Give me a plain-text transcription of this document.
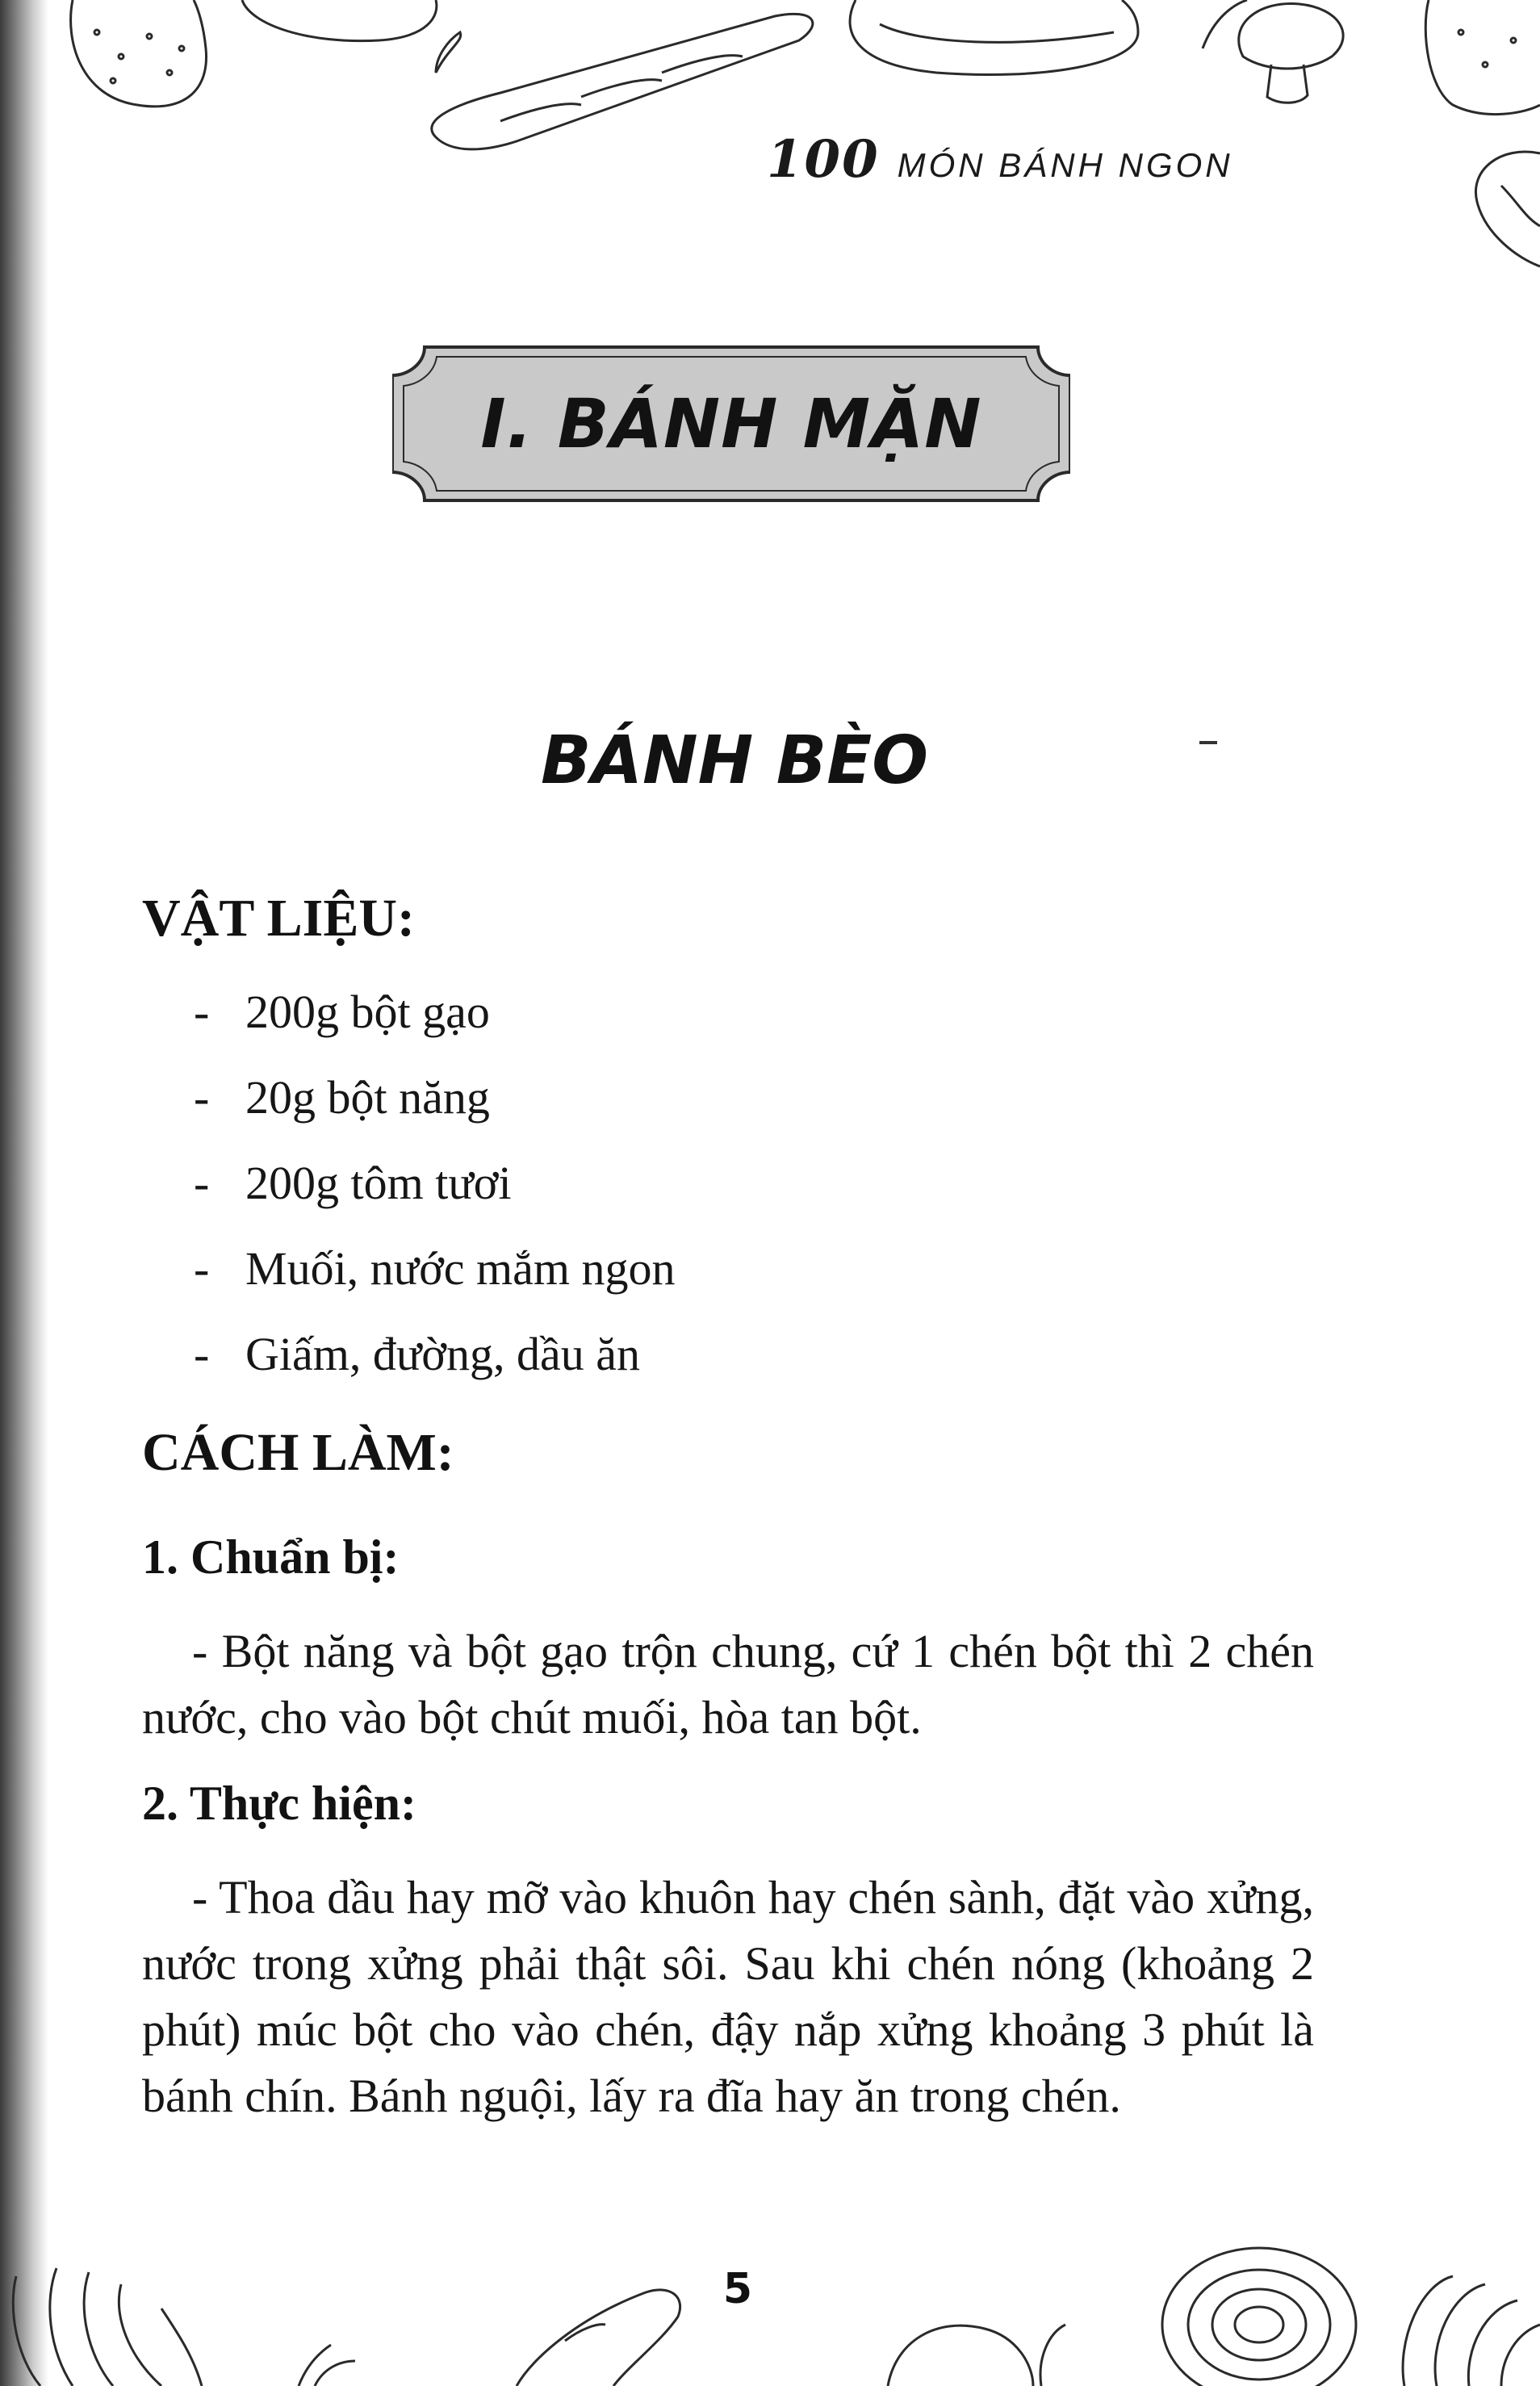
100 MÓN BÁNH NGON
I. BÁNH MẶN
BÁNH BÈO
VẬT LIỆU:
- 200g bột gạo
- 20g bột năng
- 200g tôm tươi
- Muối, nước mắm ngon
- Giấm, đường, dầu ăn
CÁCH LÀM:
1. Chuẩn bị:

- Bột năng và bột gạo trộn chung, cứ 1 chén bột thì 2 chén nước, cho vào bột chút muối, hòa tan bột.

2. Thực hiện:

- Thoa dầu hay mỡ vào khuôn hay chén sành, đặt vào xửng, nước trong xửng phải thật sôi. Sau khi chén nóng (khoảng 2 phút) múc bột cho vào chén, đậy nắp xửng khoảng 3 phút là bánh chín. Bánh nguội, lấy ra đĩa hay ăn trong chén.

5
